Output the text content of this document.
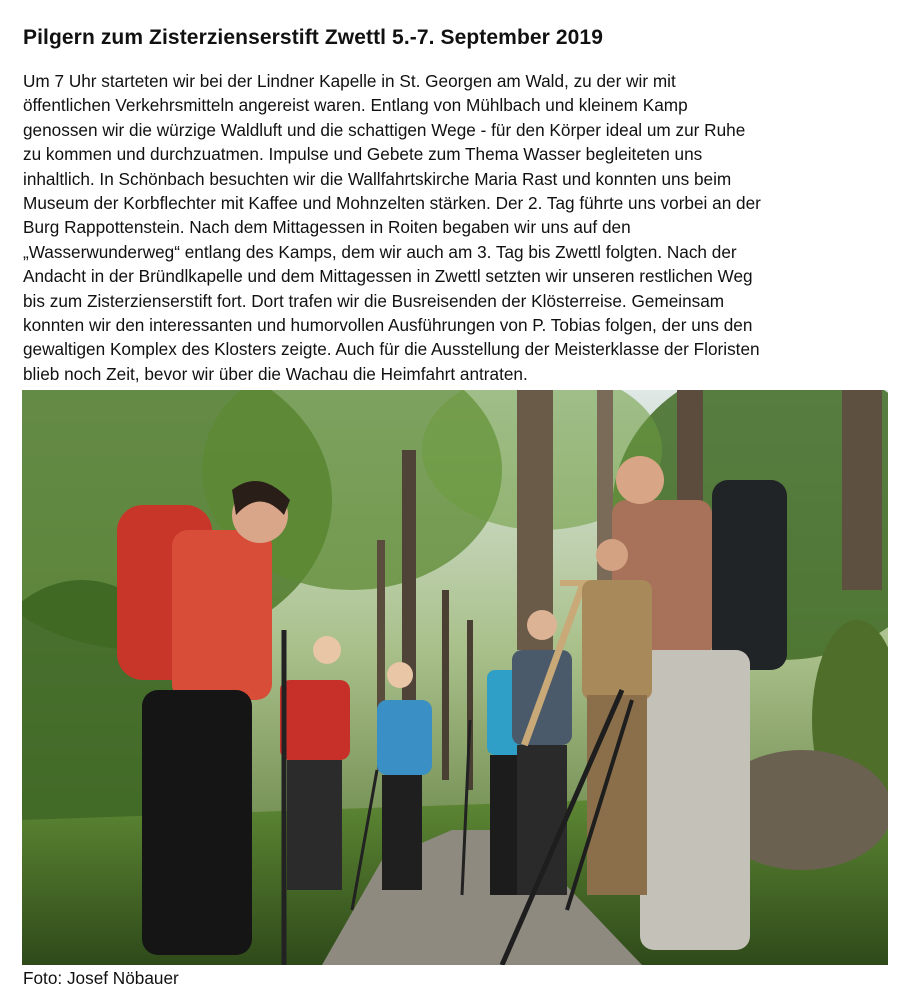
Pilgern zum Zisterzienserstift Zwettl 5.-7. September 2019
Um 7 Uhr starteten wir bei der Lindner Kapelle in St. Georgen am Wald, zu der wir mit
öffentlichen Verkehrsmitteln angereist waren. Entlang von Mühlbach und kleinem Kamp
genossen wir die würzige Waldluft und die schattigen Wege - für den Körper ideal um zur Ruhe
zu kommen und durchzuatmen. Impulse und Gebete zum Thema Wasser begleiteten uns
inhaltlich. In Schönbach besuchten wir die Wallfahrtskirche Maria Rast und konnten uns beim
Museum der Korbflechter mit Kaffee und Mohnzelten stärken. Der 2. Tag führte uns vorbei an der
Burg Rappottenstein. Nach dem Mittagessen in Roiten begaben wir uns auf den
„Wasserwunderweg“ entlang des Kamps, dem wir auch am 3. Tag bis Zwettl folgten. Nach der
Andacht in der Bründlkapelle und dem Mittagessen in Zwettl setzten wir unseren restlichen Weg
bis zum Zisterzienserstift fort. Dort trafen wir die Busreisenden der Klösterreise. Gemeinsam
konnten wir den interessanten und humorvollen Ausführungen von P. Tobias folgen, der uns den
gewaltigen Komplex des Klosters zeigte. Auch für die Ausstellung der Meisterklasse der Floristen
blieb noch Zeit, bevor wir über die Wachau die Heimfahrt antraten.
Foto: Josef Nöbauer
